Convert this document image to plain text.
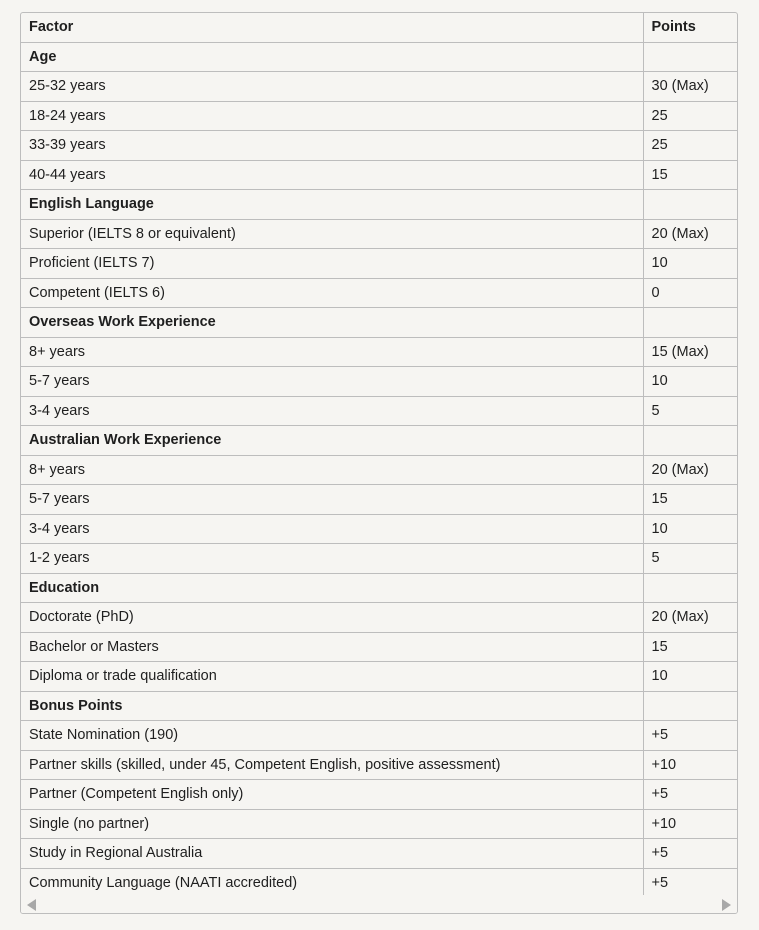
Factor	Points
Age	
25-32 years	30 (Max)
18-24 years	25
33-39 years	25
40-44 years	15
English Language	
Superior (IELTS 8 or equivalent)	20 (Max)
Proficient (IELTS 7)	10
Competent (IELTS 6)	0
Overseas Work Experience	
8+ years	15 (Max)
5-7 years	10
3-4 years	5
Australian Work Experience	
8+ years	20 (Max)
5-7 years	15
3-4 years	10
1-2 years	5
Education	
Doctorate (PhD)	20 (Max)
Bachelor or Masters	15
Diploma or trade qualification	10
Bonus Points	
State Nomination (190)	+5
Partner skills (skilled, under 45, Competent English, positive assessment)	+10
Partner (Competent English only)	+5
Single (no partner)	+10
Study in Regional Australia	+5
Community Language (NAATI accredited)	+5
